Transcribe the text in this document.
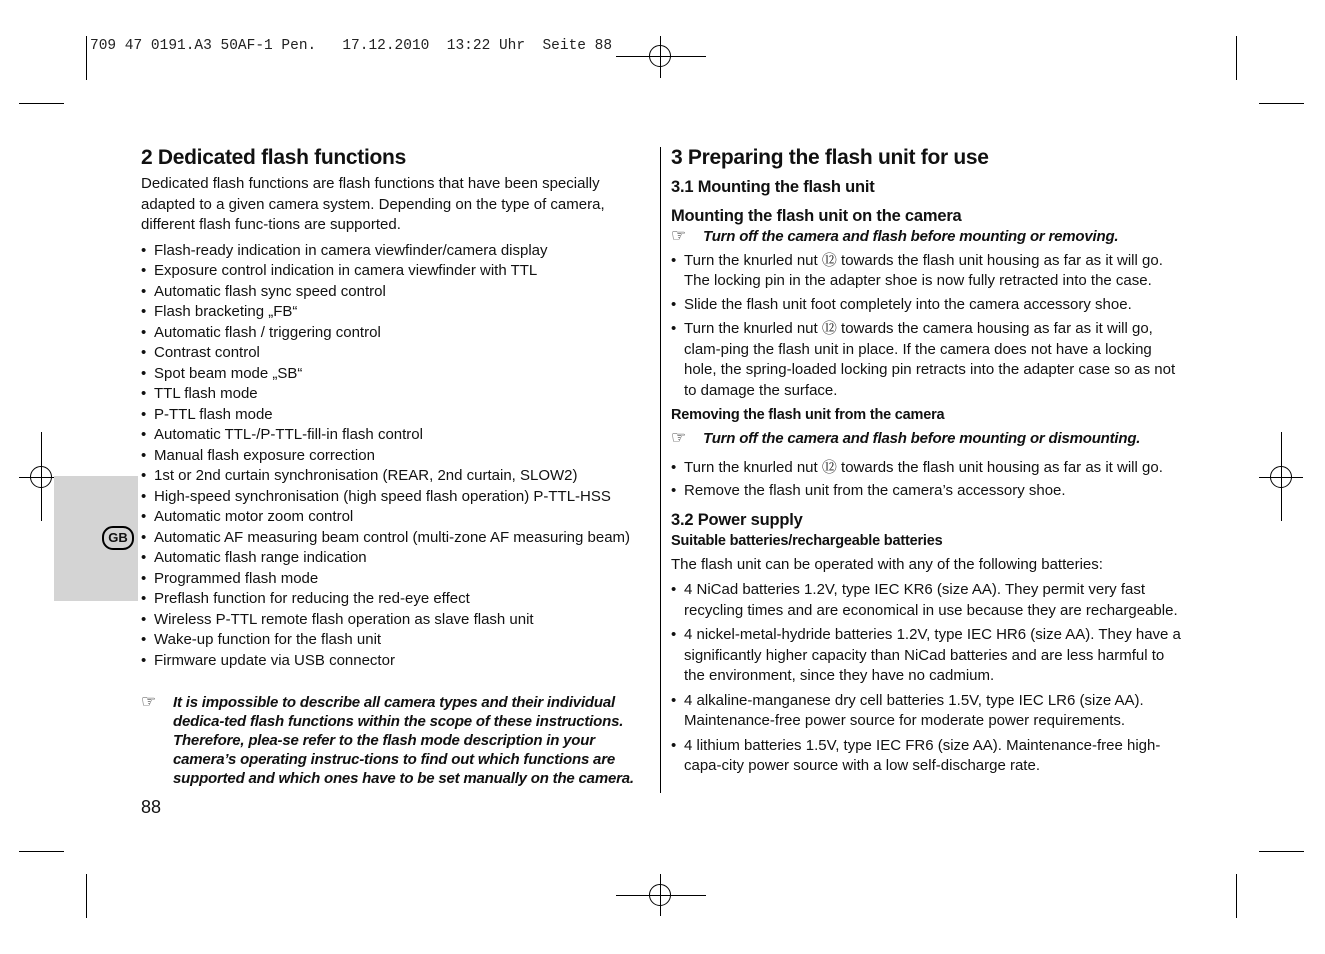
709 47 0191.A3 50AF-1 Pen.   17.12.2010  13:22 Uhr  Seite 88
GB
2 Dedicated flash functions

Dedicated flash functions are flash functions that have been specially adapted to a given camera system. Depending on the type of camera, different flash func-tions are supported.

• Flash-ready indication in camera viewfinder/camera display
• Exposure control indication in camera viewfinder with TTL
• Automatic flash sync speed control
• Flash bracketing „FB“
• Automatic flash / triggering control
• Contrast control
• Spot beam mode „SB“
• TTL flash mode
• P-TTL flash mode
• Automatic TTL-/P-TTL-fill-in flash control
• Manual flash exposure correction
• 1st or 2nd curtain synchronisation (REAR, 2nd curtain, SLOW2)
• High-speed synchronisation (high speed flash operation) P-TTL-HSS
• Automatic motor zoom control
• Automatic AF measuring beam control (multi-zone AF measuring beam)
• Automatic flash range indication
• Programmed flash mode
• Preflash function for reducing the red-eye effect
• Wireless P-TTL remote flash operation as slave flash unit
• Wake-up function for the flash unit
• Firmware update via USB connector
☞ It is impossible to describe all camera types and their individual dedica-ted flash functions within the scope of these instructions. Therefore, plea-se refer to the flash mode description in your camera’s operating instruc-tions to find out which functions are supported and which ones have to be set manually on the camera.
88
3 Preparing the flash unit for use
3.1 Mounting the flash unit
Mounting the flash unit on the camera
☞ Turn off the camera and flash before mounting or removing.
• Turn the knurled nut ⑫ towards the flash unit housing as far as it will go. The locking pin in the adapter shoe is now fully retracted into the case.
• Slide the flash unit foot completely into the camera accessory shoe.
• Turn the knurled nut ⑫ towards the camera housing as far as it will go, clam-ping the flash unit in place. If the camera does not have a locking hole, the spring-loaded locking pin retracts into the adapter case so as not to damage the surface.
Removing the flash unit from the camera
☞ Turn off the camera and flash before mounting or dismounting.
• Turn the knurled nut ⑫ towards the flash unit housing as far as it will go.
• Remove the flash unit from the camera’s accessory shoe.
3.2 Power supply
Suitable batteries/rechargeable batteries

The flash unit can be operated with any of the following batteries:

• 4 NiCad batteries 1.2V, type IEC KR6 (size AA). They permit very fast recycling times and are economical in use because they are rechargeable.
• 4 nickel-metal-hydride batteries 1.2V, type IEC HR6 (size AA). They have a significantly higher capacity than NiCad batteries and are less harmful to the environment, since they have no cadmium.
• 4 alkaline-manganese dry cell batteries 1.5V, type IEC LR6 (size AA). Maintenance-free power source for moderate power requirements.
• 4 lithium batteries 1.5V, type IEC FR6 (size AA). Maintenance-free high-capa-city power source with a low self-discharge rate.
